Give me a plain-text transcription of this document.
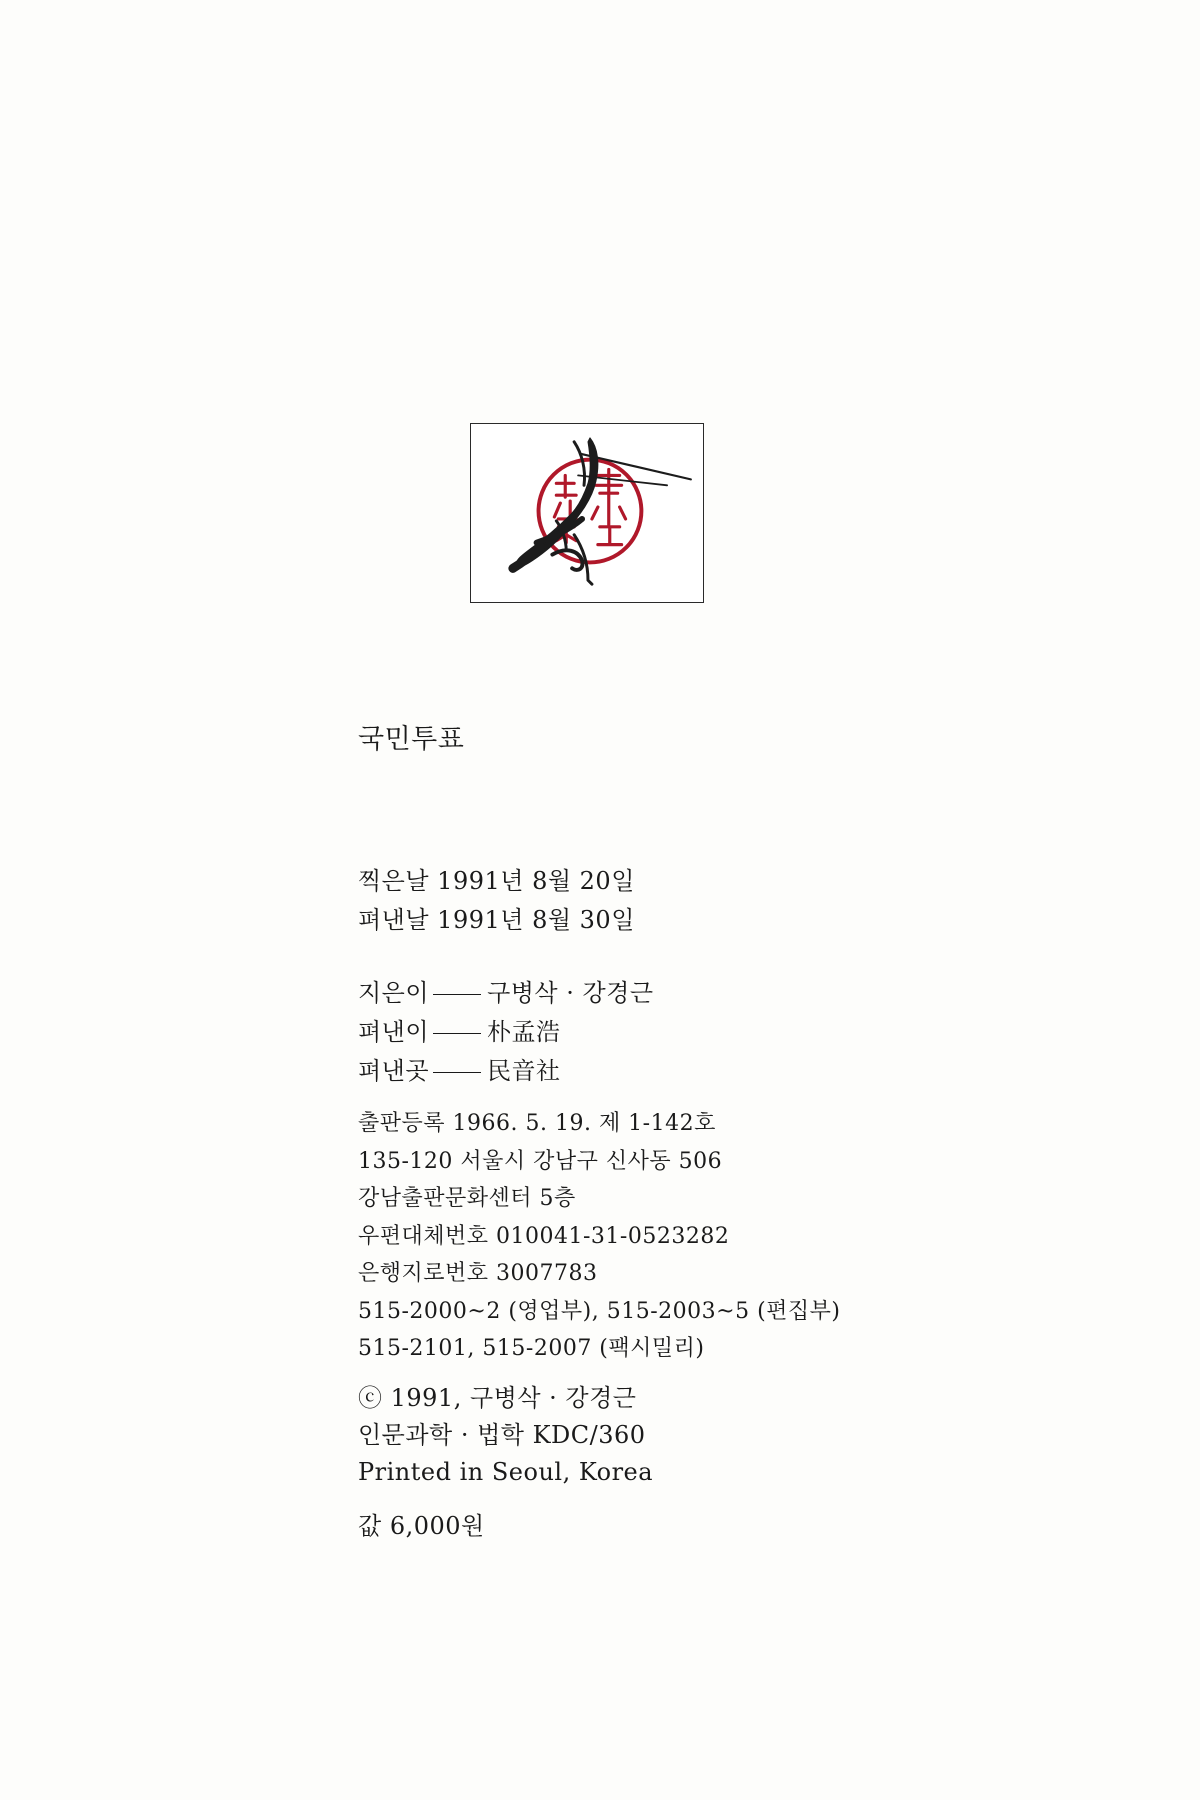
국민투표
찍은날 1991년 8월 20일
펴낸날 1991년 8월 30일
지은이 구병삭 · 강경근
펴낸이 朴孟浩
펴낸곳 民音社
출판등록 1966. 5. 19. 제 1-142호
135-120 서울시 강남구 신사동 506
강남출판문화센터 5층
우편대체번호 010041-31-0523282
은행지로번호 3007783
515-2000~2 (영업부), 515-2003~5 (편집부)
515-2101, 515-2007 (팩시밀리)
ⓒ 1991, 구병삭 · 강경근
인문과학 · 법학 KDC/360
Printed in Seoul, Korea
값 6,000원
